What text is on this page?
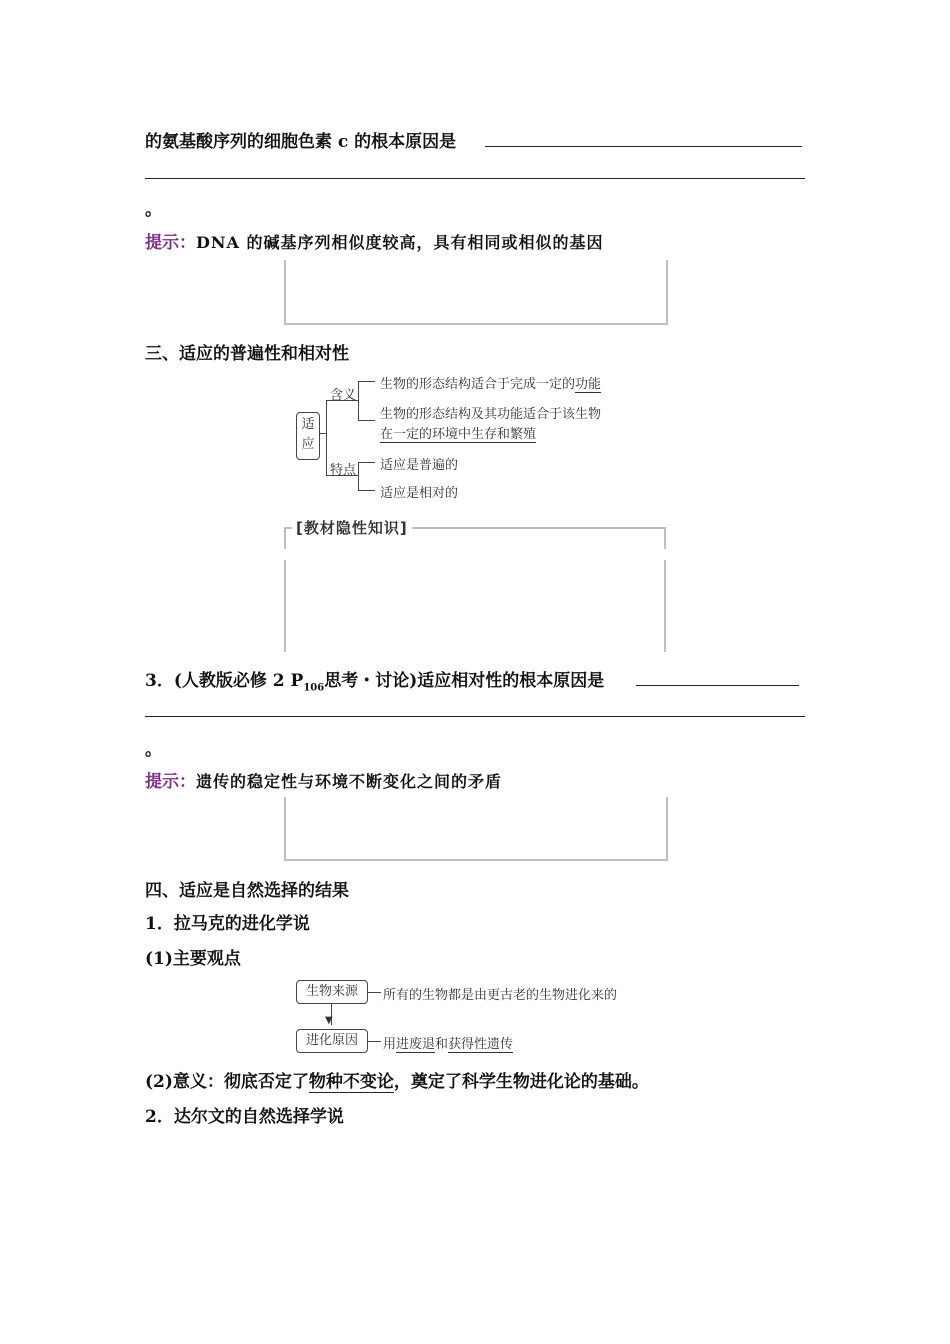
的氨基酸序列的细胞色素 c 的根本原因是
。
提示：DNA 的碱基序列相似度较高，具有相同或相似的基因
三、适应的普遍性和相对性
适
应
含义
特点
生物的形态结构适合于完成一定的功能
生物的形态结构及其功能适合于该生物
在一定的环境中生存和繁殖
适应是普遍的
适应是相对的
[教材隐性知识]
3．(人教版必修 2 $P_{106}$思考・讨论)适应相对性的根本原因是
。
提示：遗传的稳定性与环境不断变化之间的矛盾
四、适应是自然选择的结果
1．拉马克的进化学说
(1)主要观点
生物来源	所有的生物都是由更古老的生物进化来的
▼
进化原因	用进废退和获得性遗传
(2)意义：彻底否定了物种不变论，奠定了科学生物进化论的基础。
2．达尔文的自然选择学说
